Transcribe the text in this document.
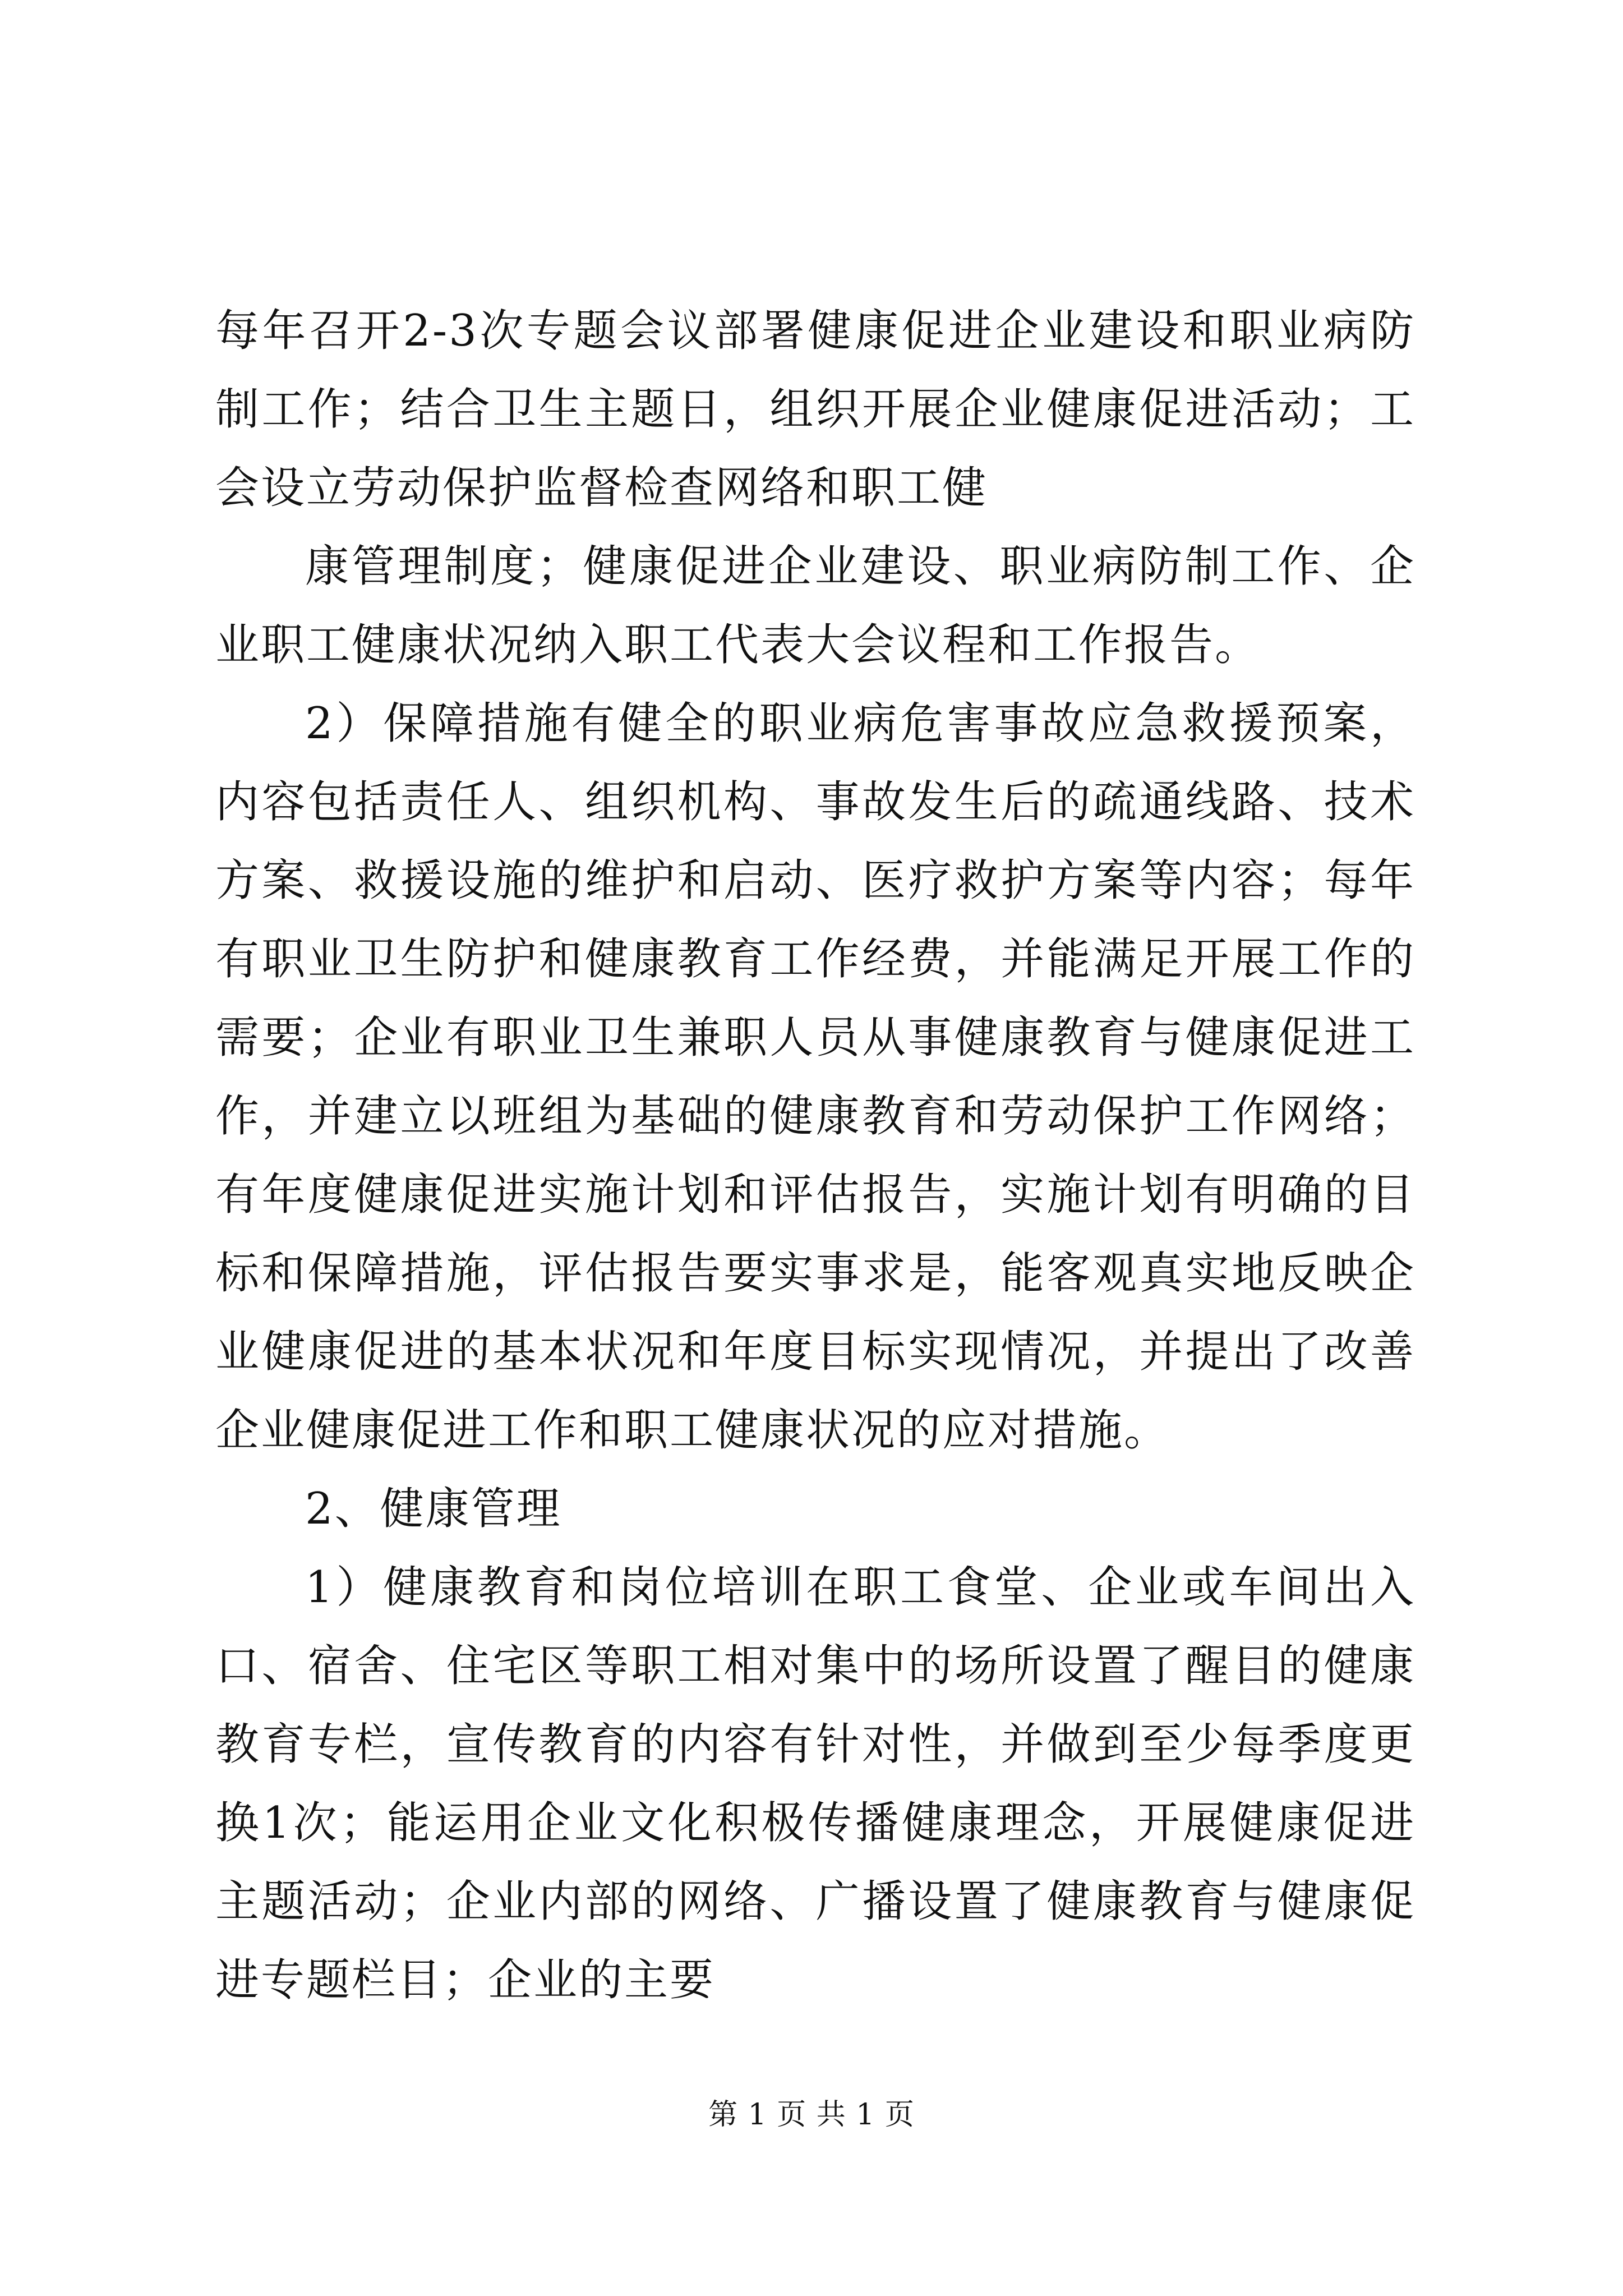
每年召开2-3次专题会议部署健康促进企业建设和职业病防制工作；结合卫生主题日，组织开展企业健康促进活动；工会设立劳动保护监督检查网络和职工健

康管理制度；健康促进企业建设、职业病防制工作、企业职工健康状况纳入职工代表大会议程和工作报告。

2）保障措施有健全的职业病危害事故应急救援预案，内容包括责任人、组织机构、事故发生后的疏通线路、技术方案、救援设施的维护和启动、医疗救护方案等内容；每年有职业卫生防护和健康教育工作经费，并能满足开展工作的需要；企业有职业卫生兼职人员从事健康教育与健康促进工作，并建立以班组为基础的健康教育和劳动保护工作网络；有年度健康促进实施计划和评估报告，实施计划有明确的目标和保障措施，评估报告要实事求是，能客观真实地反映企业健康促进的基本状况和年度目标实现情况，并提出了改善企业健康促进工作和职工健康状况的应对措施。

2、健康管理

1）健康教育和岗位培训在职工食堂、企业或车间出入口、宿舍、住宅区等职工相对集中的场所设置了醒目的健康教育专栏，宣传教育的内容有针对性，并做到至少每季度更换1次；能运用企业文化积极传播健康理念，开展健康促进主题活动；企业内部的网络、广播设置了健康教育与健康促进专题栏目；企业的主要

第 1 页 共 1 页
